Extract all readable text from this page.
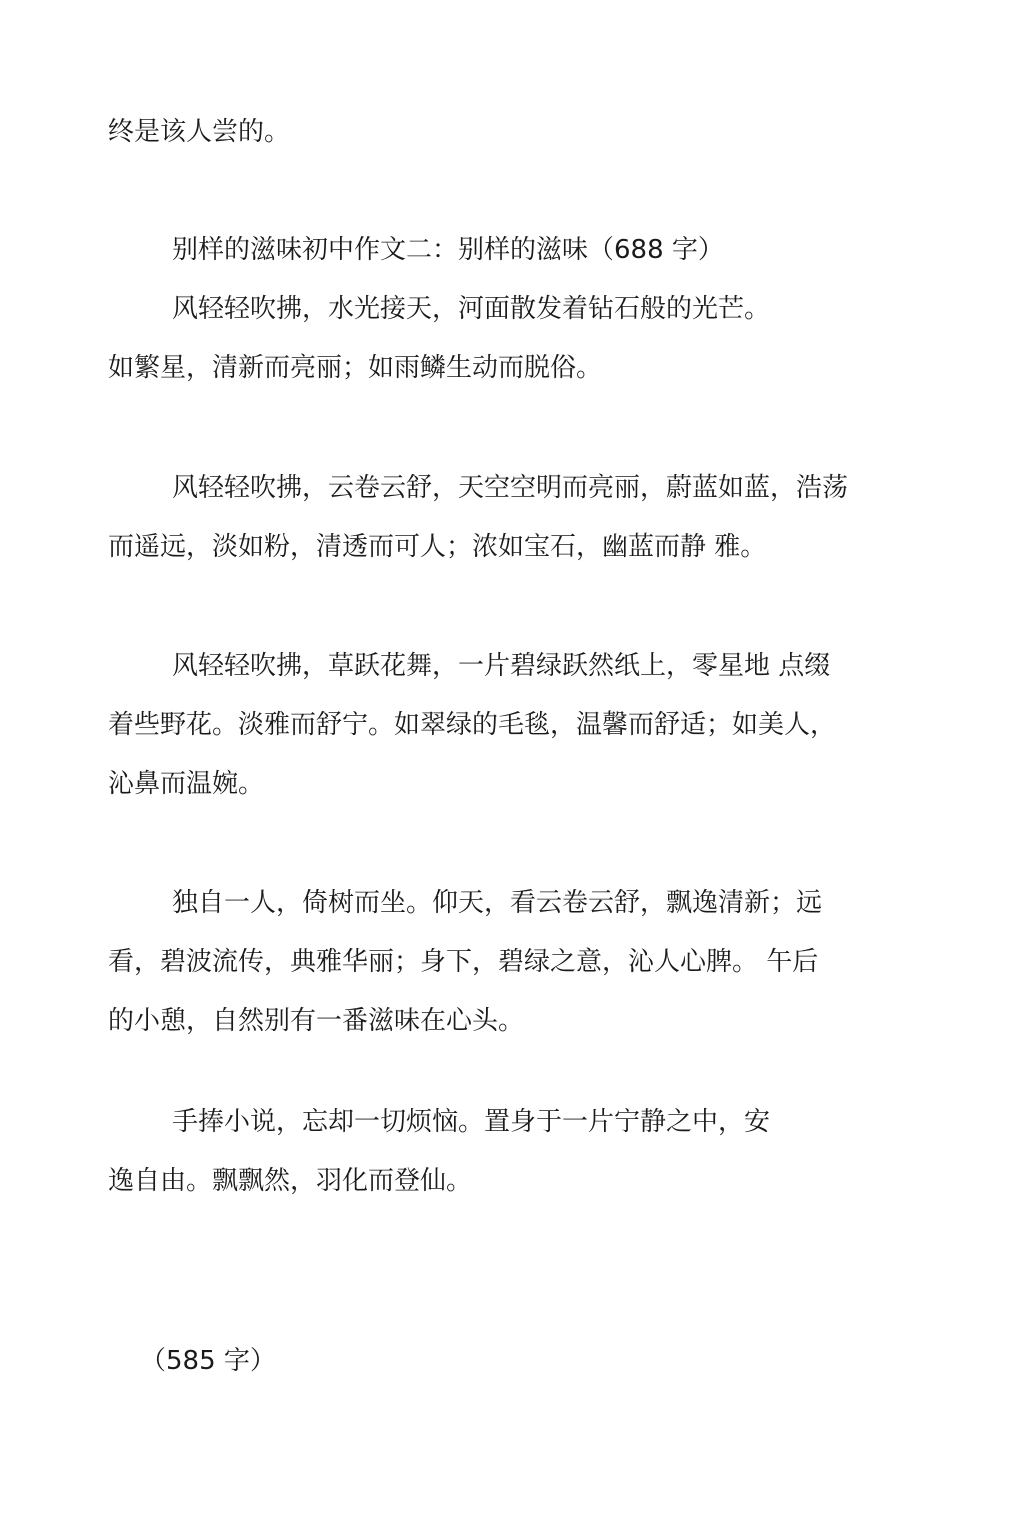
终是该人尝的。
别样的滋味初中作文二：别样的滋味（688 字）
风轻轻吹拂，水光接天，河面散发着钻石般的光芒。
如繁星，清新而亮丽；如雨鳞生动而脱俗。
风轻轻吹拂，云卷云舒，天空空明而亮丽，蔚蓝如蓝，浩荡
而遥远，淡如粉，清透而可人；浓如宝石，幽蓝而静 雅。
风轻轻吹拂，草跃花舞，一片碧绿跃然纸上，零星地 点缀
着些野花。淡雅而舒宁。如翠绿的毛毯，温馨而舒适；如美人，
沁鼻而温婉。
独自一人，倚树而坐。仰天，看云卷云舒，飘逸清新；远
看，碧波流传，典雅华丽；身下，碧绿之意，沁人心脾。 午后
的小憩，自然别有一番滋味在心头。
手捧小说，忘却一切烦恼。置身于一片宁静之中，安
逸自由。飘飘然，羽化而登仙。
（585 字）
